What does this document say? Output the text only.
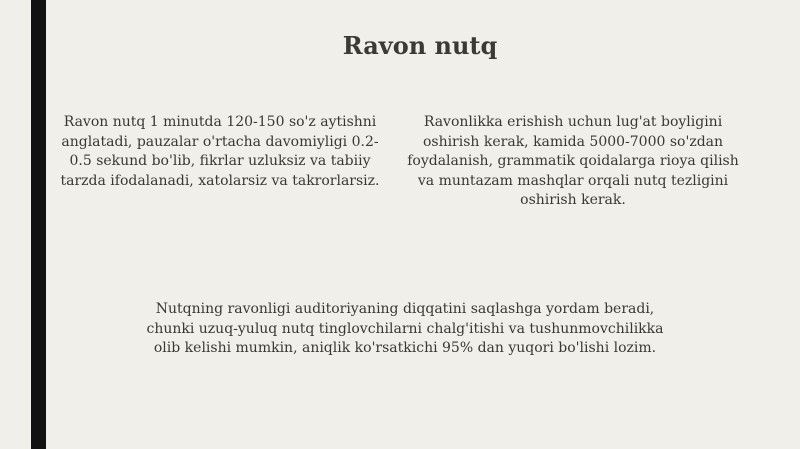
Ravon nutq

Ravon nutq 1 minutda 120-150 so'z aytishni anglatadi, pauzalar o'rtacha davomiyligi 0.2-0.5 sekund bo'lib, fikrlar uzluksiz va tabiiy tarzda ifodalanadi, xatolarsiz va takrorlarsiz.

Ravonlikka erishish uchun lug'at boyligini oshirish kerak, kamida 5000-7000 so'zdan foydalanish, grammatik qoidalarga rioya qilish va muntazam mashqlar orqali nutq tezligini oshirish kerak.

Nutqning ravonligi auditoriyaning diqqatini saqlashga yordam beradi, chunki uzuq-yuluq nutq tinglovchilarni chalg'itishi va tushunmovchilikka olib kelishi mumkin, aniqlik ko'rsatkichi 95% dan yuqori bo'lishi lozim.
